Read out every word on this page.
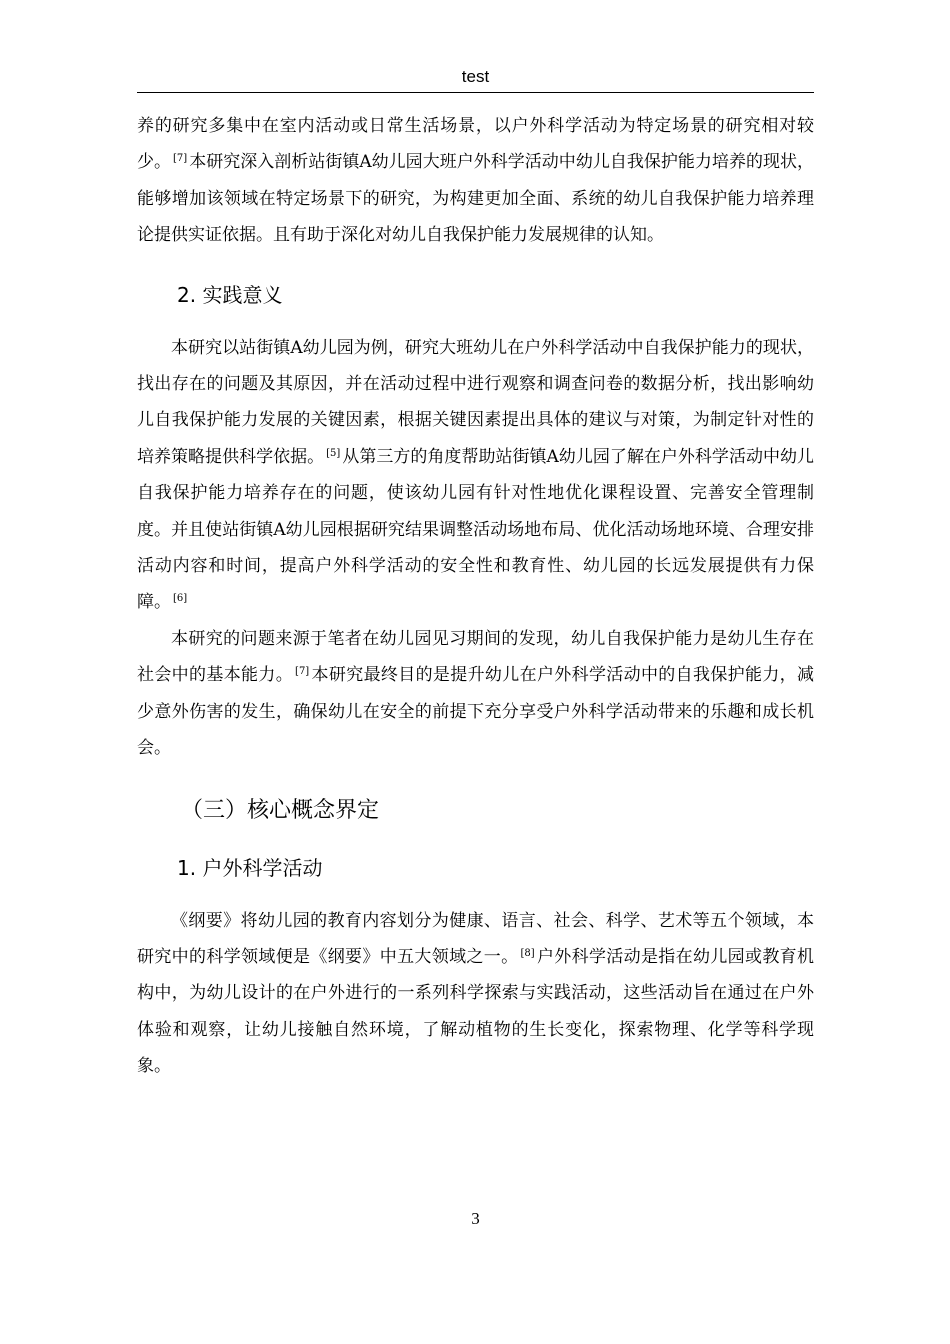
test

养的研究多集中在室内活动或日常生活场景，以户外科学活动为特定场景的研究相对较少。 [7] 本研究深入剖析站街镇A幼儿园大班户外科学活动中幼儿自我保护能力培养的现状，能够增加该领域在特定场景下的研究，为构建更加全面、系统的幼儿自我保护能力培养理论提供实证依据。且有助于深化对幼儿自我保护能力发展规律的认知。

2. 实践意义

本研究以站街镇A幼儿园为例，研究大班幼儿在户外科学活动中自我保护能力的现状，找出存在的问题及其原因，并在活动过程中进行观察和调查问卷的数据分析，找出影响幼儿自我保护能力发展的关键因素，根据关键因素提出具体的建议与对策，为制定针对性的培养策略提供科学依据。 [5] 从第三方的角度帮助站街镇A幼儿园了解在户外科学活动中幼儿自我保护能力培养存在的问题，使该幼儿园有针对性地优化课程设置、完善安全管理制度。并且使站街镇A幼儿园根据研究结果调整活动场地布局、优化活动场地环境、合理安排活动内容和时间，提高户外科学活动的安全性和教育性、幼儿园的长远发展提供有力保障。 [6]

本研究的问题来源于笔者在幼儿园见习期间的发现，幼儿自我保护能力是幼儿生存在社会中的基本能力。 [7] 本研究最终目的是提升幼儿在户外科学活动中的自我保护能力，减少意外伤害的发生，确保幼儿在安全的前提下充分享受户外科学活动带来的乐趣和成长机会。

（三）核心概念界定
1. 户外科学活动

《纲要》将幼儿园的教育内容划分为健康、语言、社会、科学、艺术等五个领域，本研究中的科学领域便是《纲要》中五大领域之一。 [8] 户外科学活动是指在幼儿园或教育机构中，为幼儿设计的在户外进行的一系列科学探索与实践活动，这些活动旨在通过在户外体验和观察，让幼儿接触自然环境，了解动植物的生长变化，探索物理、化学等科学现象。

3
